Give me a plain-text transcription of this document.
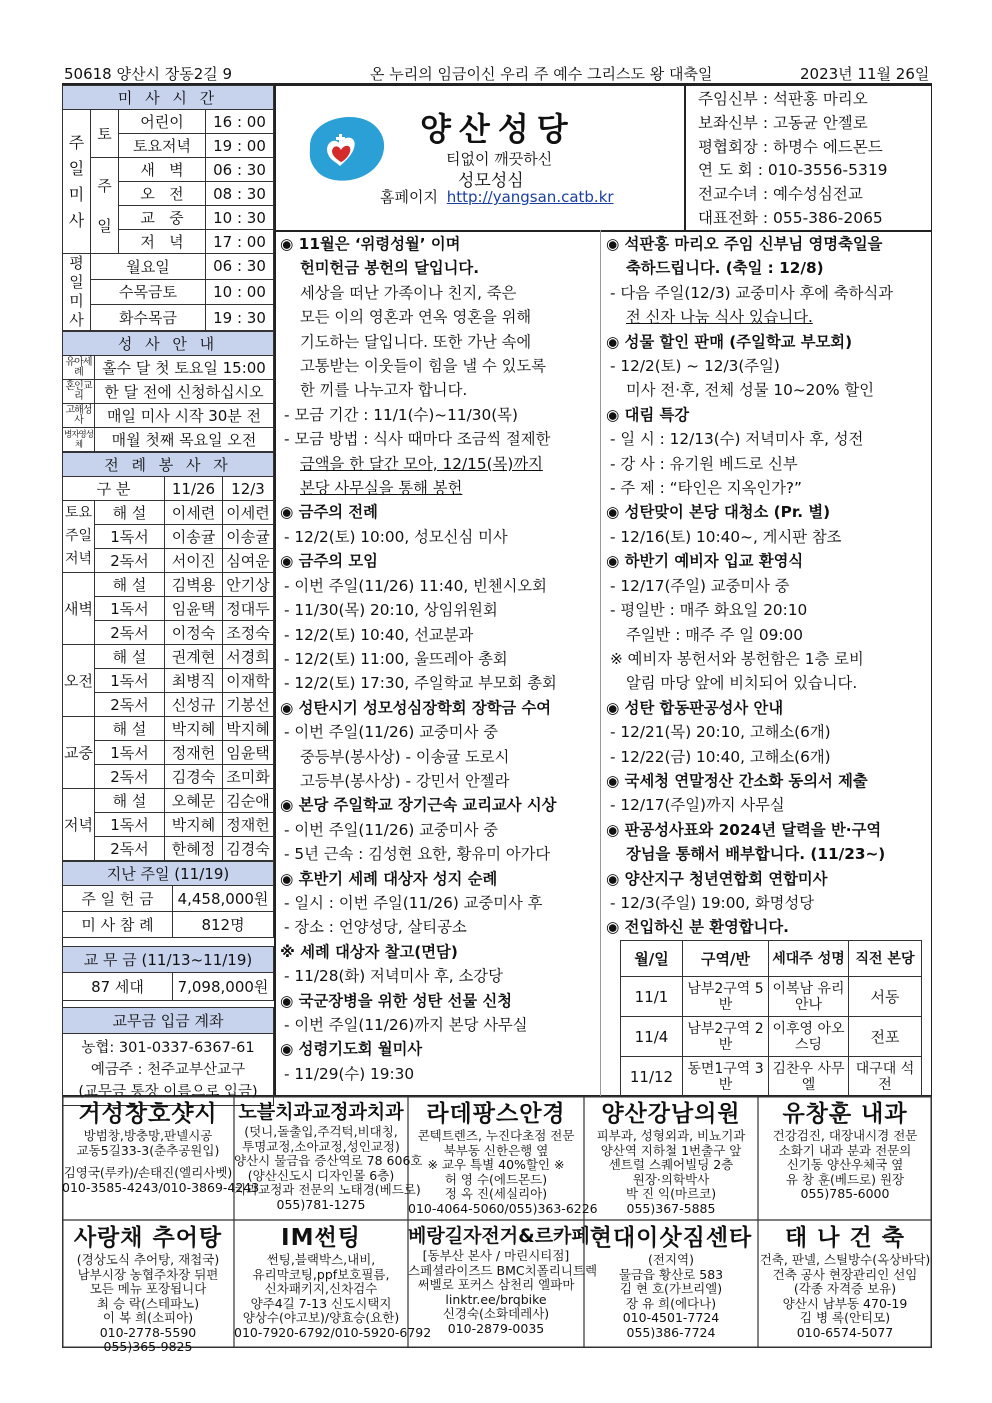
50618 양산시 장동2길 9	온 누리의 임금이신 우리 주 예수 그리스도 왕 대축일	2023년 11월 26일
미 사 시 간			
주일미사	토	어린이	16 : 00
		토요저녁	19 : 00
	주일	새   벽	06 : 30
		오   전	08 : 30
		교   중	10 : 30
		저   녁	17 : 00
평일미사	월요일		06 : 30
	수목금토		10 : 00
	화수목금		19 : 30
성 사 안 내	
유아세례	홀수 달 첫 토요일 15:00
혼인교리	한 달 전에 신청하십시오
고해성사	매일 미사 시작 30분 전
병자영성체	매월 첫째 목요일 오전
전 례 봉 사 자			
구 분		11/26	12/3
토요주일저녁	해 설	이세련	이세련
	1독서	이송귤	이송귤
	2독서	서이진	심여운
새벽	해 설	김벽용	안기상
	1독서	임윤택	정대두
	2독서	이정숙	조정숙
오전	해 설	권계현	서경희
	1독서	최병직	이재학
	2독서	신성규	기봉선
교중	해 설	박지혜	박지혜
	1독서	정재헌	임윤택
	2독서	김경숙	조미화
저녁	해 설	오혜문	김순애
	1독서	박지혜	정재헌
	2독서	한혜정	김경숙
지난 주일 (11/19)	
주 일 헌 금	4,458,000원
미 사 참 례	812명
교 무 금 (11/13~11/19)
87 세대	7,098,000원
교무금 입금 계좌

농협: 301-0337-6367-61
예금주 : 천주교부산교구
(교무금 통장 이름으로 입금)
양산성당
티없이 깨끗하신
성모성심
홈페이지 http://yangsan.catb.kr
주임신부 : 석판홍 마리오
보좌신부 : 고동균 안젤로
평협회장 : 하명수 에드몬드
연 도 회 : 010-3556-5319
전교수녀 : 예수성심전교
대표전화 : 055-386-2065

◉ 11월은 ‘위령성월’ 이며

헌미헌금 봉헌의 달입니다.

세상을 떠난 가족이나 친지, 죽은

모든 이의 영혼과 연옥 영혼을 위해

기도하는 달입니다. 또한 가난 속에

고통받는 이웃들이 힘을 낼 수 있도록

한 끼를 나누고자 합니다.

- 모금 기간 : 11/1(수)~11/30(목)

- 모금 방법 : 식사 때마다 조금씩 절제한

금액을 한 달간 모아, 12/15(목)까지

본당 사무실을 통해 봉헌

◉ 금주의 전례

- 12/2(토) 10:00, 성모신심 미사

◉ 금주의 모임

- 이번 주일(11/26) 11:40, 빈첸시오회

- 11/30(목) 20:10, 상임위원회

- 12/2(토) 10:40, 선교분과

- 12/2(토) 11:00, 울뜨레아 총회

- 12/2(토) 17:30, 주일학교 부모회 총회

◉ 성탄시기 성모성심장학회 장학금 수여

- 이번 주일(11/26) 교중미사 중

중등부(봉사상) - 이송귤 도로시

고등부(봉사상) - 강민서 안젤라

◉ 본당 주일학교 장기근속 교리교사 시상

- 이번 주일(11/26) 교중미사 중

- 5년 근속 : 김성현 요한, 황유미 아가다

◉ 후반기 세례 대상자 성지 순례

- 일시 : 이번 주일(11/26) 교중미사 후

- 장소 : 언양성당, 살티공소

※ 세례 대상자 찰고(면담)

- 11/28(화) 저녁미사 후, 소강당

◉ 국군장병을 위한 성탄 선물 신청

- 이번 주일(11/26)까지 본당 사무실

◉ 성령기도회 월미사

- 11/29(수) 19:30

◉ 석판홍 마리오 주임 신부님 영명축일을

축하드립니다. (축일 : 12/8)

- 다음 주일(12/3) 교중미사 후에 축하식과

전 신자 나눔 식사 있습니다.

◉ 성물 할인 판매 (주일학교 부모회)

- 12/2(토) ~ 12/3(주일)

미사 전·후, 전체 성물 10~20% 할인

◉ 대림 특강

- 일 시 : 12/13(수) 저녁미사 후, 성전

- 강 사 : 유기원 베드로 신부

- 주 제 : “타인은 지옥인가?”

◉ 성탄맞이 본당 대청소 (Pr. 별)

- 12/16(토) 10:40~, 게시판 참조

◉ 하반기 예비자 입교 환영식

- 12/17(주일) 교중미사 중

- 평일반 : 매주 화요일 20:10

주일반 : 매주 주 일 09:00

※ 예비자 봉헌서와 봉헌함은 1층 로비

알림 마당 앞에 비치되어 있습니다.

◉ 성탄 합동판공성사 안내

- 12/21(목) 20:10, 고해소(6개)

- 12/22(금) 10:40, 고해소(6개)

◉ 국세청 연말정산 간소화 동의서 제출

- 12/17(주일)까지 사무실

◉ 판공성사표와 2024년 달력을 반·구역

장님을 통해서 배부합니다. (11/23~)

◉ 양산지구 청년연합회 연합미사

- 12/3(주일) 19:00, 화명성당

◉ 전입하신 분 환영합니다.

월/일	구역/반	세대주 성명	직전 본당
11/1	남부2구역 5반	이복남 유리안나	서동
11/4	남부2구역 2반	이후영 아오스딩	전포
11/12	동면1구역 3반	김찬우 사무엘	대구대 석전
거성창호샷시
방범창,방충망,판넬시공
교동5길33-3(춘추공원입)
김영국(루카)/손태진(엘리사벳)
010-3585-4243/010-3869-4243
노블치과교정과치과
(덧니,돌출입,주걱턱,비대칭,
투명교정,소아교정,성인교정)
양산시 물금읍 증산역로 78 606호
(양산신도시 디자인몰 6층)
치과교정과 전문의 노태경(베드로)
055)781-1275
라데팡스안경
콘텍트렌즈, 누진다초점 전문
북부동 신한은행 옆
※ 교우 특별 40%할인 ※
허 영 수(에드몬드)
정 옥 진(세실리아)
010-4064-5060/055)363-6226
양산강남의원
피부과, 성형외과, 비뇨기과
양산역 지하철 1번출구 앞
센트럴 스퀘어빌딩 2층
원장·의학박사
박 진 익(마르코)
055)367-5885
유창훈 내과
건강검진, 대장내시경 전문
소화기 내과 분과 전문의
신기동 양산우체국 옆
유 창 훈(베드로) 원장
055)785-6000
사랑채 추어탕
(경상도식 추어탕, 재첩국)
남부시장 농협주차장 뒤편
모든 메뉴 포장됩니다
최 승 락(스테파노)
이 복 희(소피아)
010-2778-5590
055)365-9825
IM썬팅
썬팅,블랙박스,내비,
유리막코팅,ppf보호필름,
신차패키지,신차검수
양주4길 7-13 신도시택지
양상수(야고보)/양효승(요한)
010-7920-6792/010-5920-6792
베랑길자전거&르카페
[동부산 본사 / 마린시티점]
스페셜라이즈드 BMC치폴리니트렉
써벨로 포커스 삼천리 엘파마
linktr.ee/brqbike
신경숙(소화데레사)
010-2879-0035
현대이삿짐센타
(전지역)
물금읍 황산로 583
김 현 호(가브리엘)
장 유 희(에다나)
010-4501-7724
055)386-7724
태 나 건 축
건축, 판넬, 스틸방수(옥상바닥)
건축 공사 현장관리인 선임
(각종 자격증 보유)
양산시 남부동 470-19
김 병 록(안티모)
010-6574-5077
